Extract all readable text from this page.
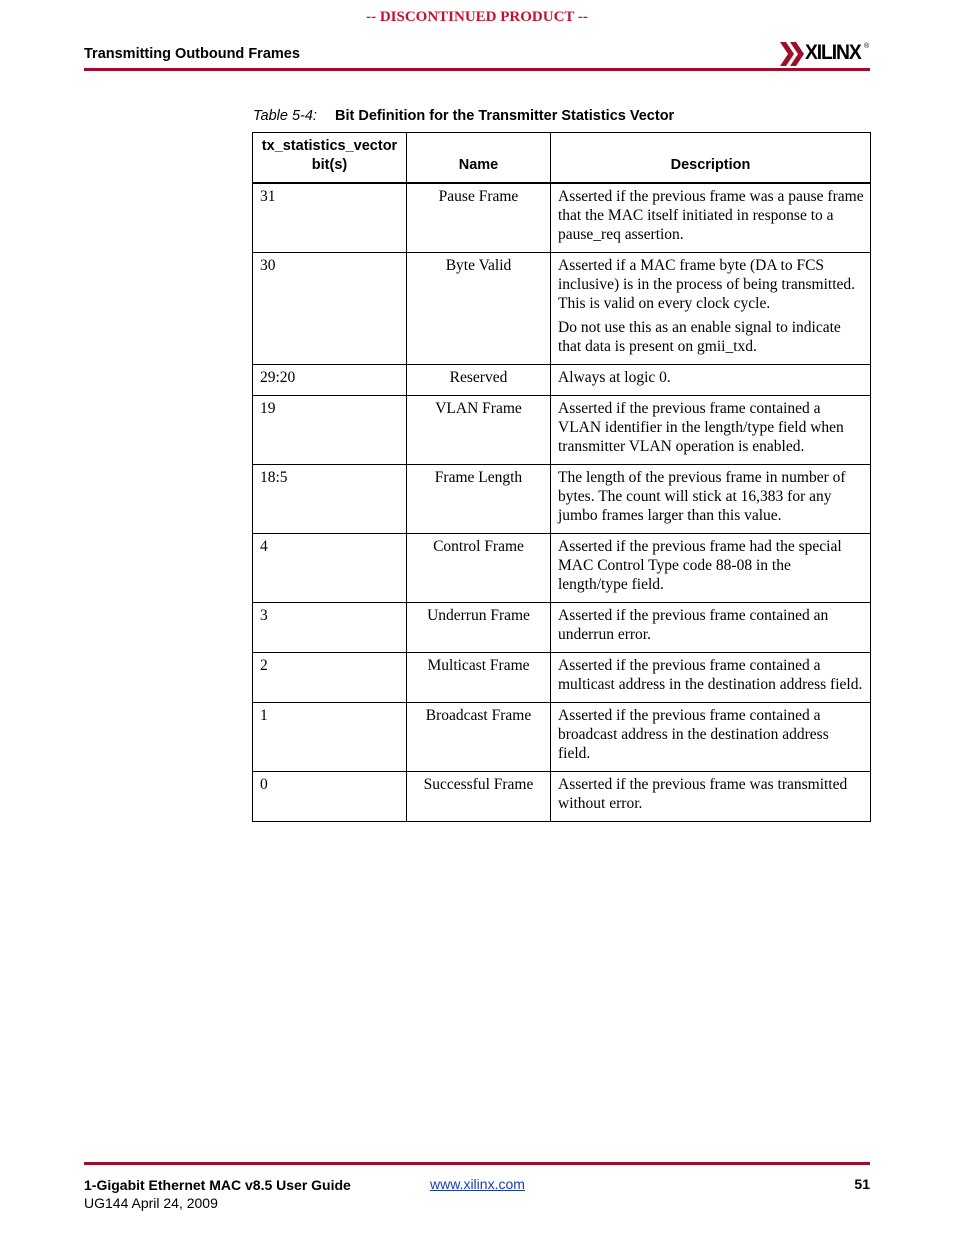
-- DISCONTINUED PRODUCT --
Transmitting Outbound Frames	XILINX ®
Table 5-4: Bit Definition for the Transmitter Statistics Vector
tx_statistics_vector bit(s)	Name	Description
31	Pause Frame	Asserted if the previous frame was a pause frame that the MAC itself initiated in response to a pause_req assertion.

30	Byte Valid	Asserted if a MAC frame byte (DA to FCS inclusive) is in the process of being transmitted. This is valid on every clock cycle.

Do not use this as an enable signal to indicate that data is present on gmii_txd.

29:20	Reserved	Always at logic 0.

19	VLAN Frame	Asserted if the previous frame contained a VLAN identifier in the length/type field when transmitter VLAN operation is enabled.

18:5	Frame Length	The length of the previous frame in number of bytes. The count will stick at 16,383 for any jumbo frames larger than this value.

4	Control Frame	Asserted if the previous frame had the special MAC Control Type code 88-08 in the length/type field.

3	Underrun Frame	Asserted if the previous frame contained an underrun error.

2	Multicast Frame	Asserted if the previous frame contained a multicast address in the destination address field.

1	Broadcast Frame	Asserted if the previous frame contained a broadcast address in the destination address field.

0	Successful Frame	Asserted if the previous frame was transmitted without error.

1-Gigabit Ethernet MAC v8.5 User Guide
UG144 April 24, 2009
www.xilinx.com	51
